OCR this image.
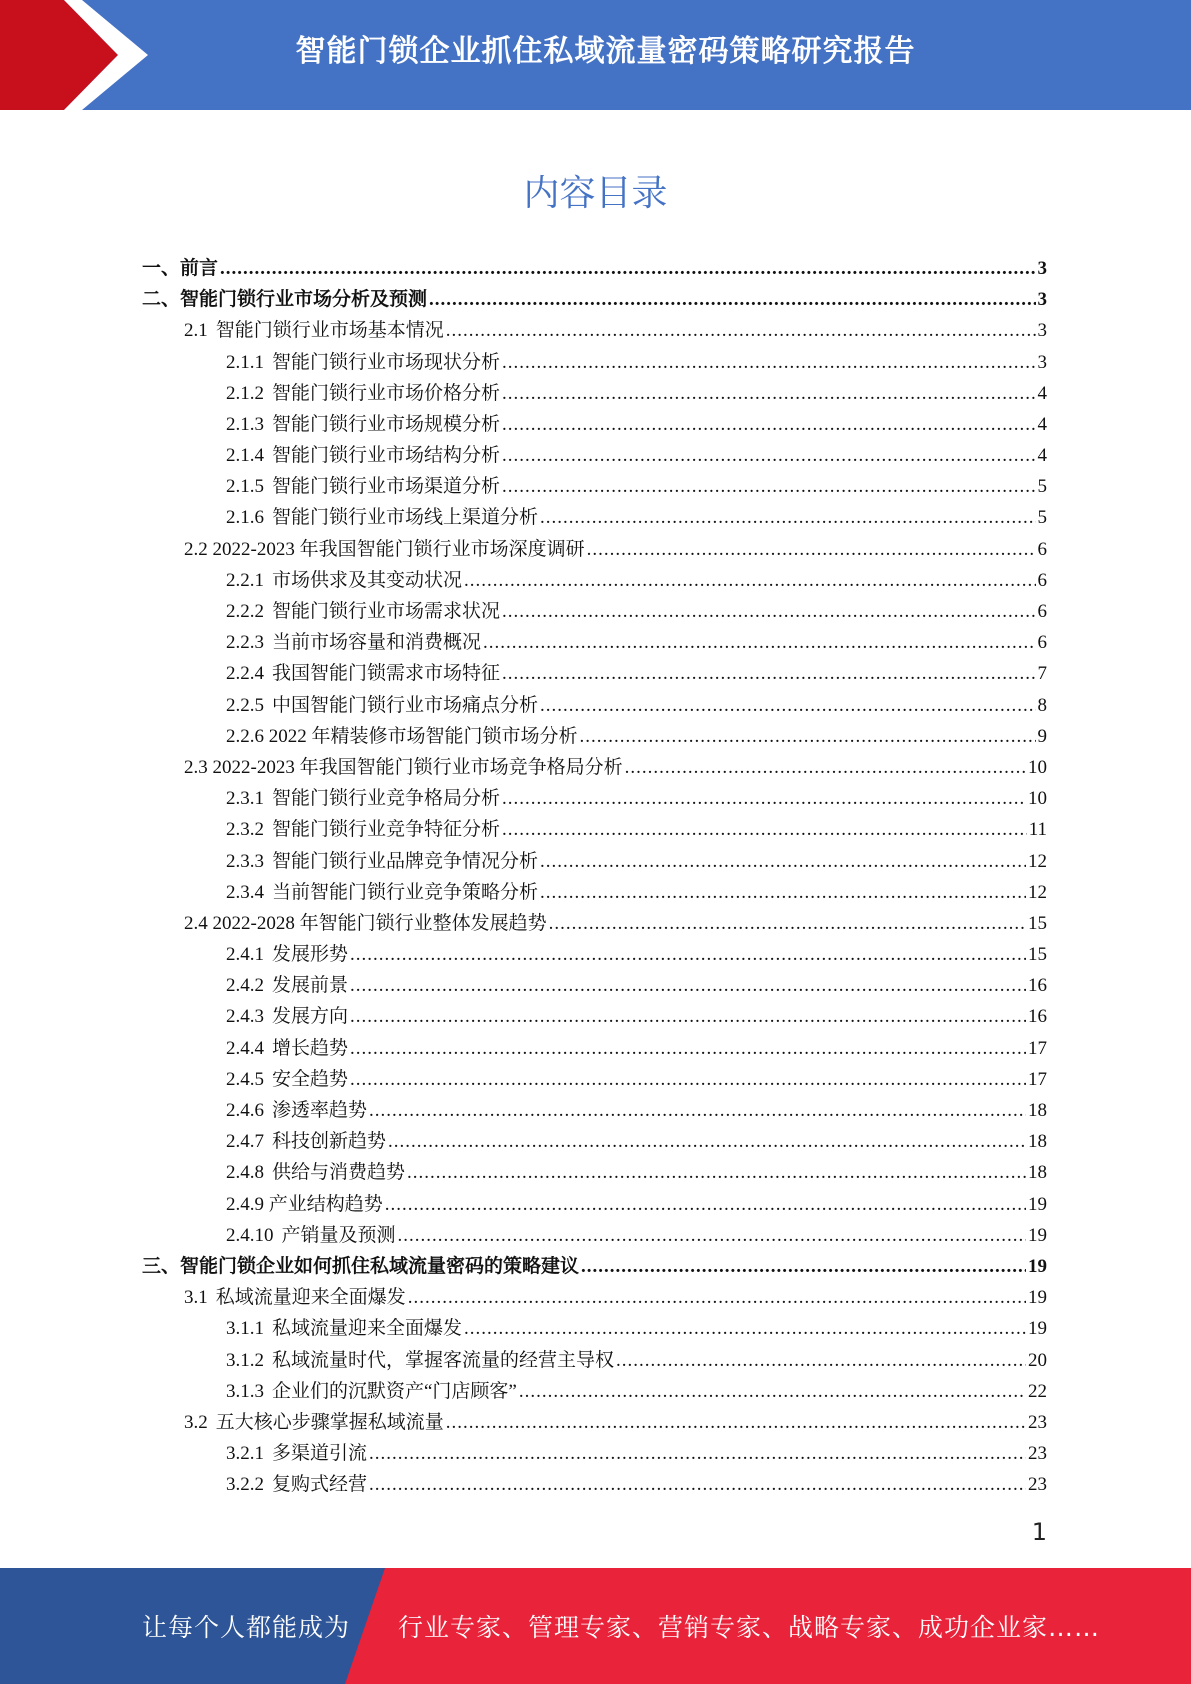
智能门锁企业抓住私域流量密码策略研究报告
内容目录
一、前言 .....	3
二、智能门锁行业市场分析及预测 .....	3
2.1 智能门锁行业市场基本情况 .....	3
2.1.1 智能门锁行业市场现状分析 .....	3
2.1.2 智能门锁行业市场价格分析 .....	4
2.1.3 智能门锁行业市场规模分析 .....	4
2.1.4 智能门锁行业市场结构分析 .....	4
2.1.5 智能门锁行业市场渠道分析 .....	5
2.1.6 智能门锁行业市场线上渠道分析 .....	5
2.2 2022-2023 年我国智能门锁行业市场深度调研 .....	6
2.2.1 市场供求及其变动状况 .....	6
2.2.2 智能门锁行业市场需求状况 .....	6
2.2.3 当前市场容量和消费概况 .....	6
2.2.4 我国智能门锁需求市场特征 .....	7
2.2.5 中国智能门锁行业市场痛点分析 .....	8
2.2.6 2022 年精装修市场智能门锁市场分析 .....	9
2.3 2022-2023 年我国智能门锁行业市场竞争格局分析 .....	10
2.3.1 智能门锁行业竞争格局分析 .....	10
2.3.2 智能门锁行业竞争特征分析 .....	11
2.3.3 智能门锁行业品牌竞争情况分析 .....	12
2.3.4 当前智能门锁行业竞争策略分析 .....	12
2.4 2022-2028 年智能门锁行业整体发展趋势 .....	15
2.4.1 发展形势 .....	15
2.4.2 发展前景 .....	16
2.4.3 发展方向 .....	16
2.4.4 增长趋势 .....	17
2.4.5 安全趋势 .....	17
2.4.6 渗透率趋势 .....	18
2.4.7 科技创新趋势 .....	18
2.4.8 供给与消费趋势 .....	18
2.4.9 产业结构趋势 .....	19
2.4.10 产销量及预测 .....	19
三、智能门锁企业如何抓住私域流量密码的策略建议 .....	19
3.1 私域流量迎来全面爆发 .....	19
3.1.1 私域流量迎来全面爆发 .....	19
3.1.2 私域流量时代，掌握客流量的经营主导权 .....	20
3.1.3 企业们的沉默资产“门店顾客” .....	22
3.2 五大核心步骤掌握私域流量 .....	23
3.2.1 多渠道引流 .....	23
3.2.2 复购式经营 .....	23
1
让每个人都能成为 行业专家、管理专家、营销专家、战略专家、成功企业家……
